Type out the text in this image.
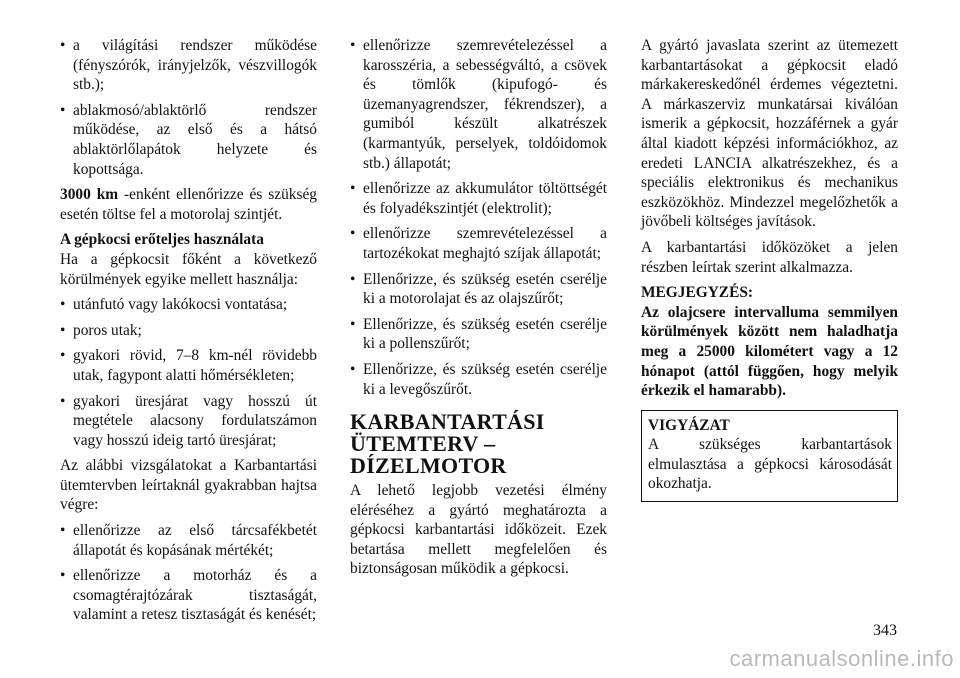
• a világítási rendszer működése (fényszórók, irányjelzők, vészvillogók stb.);
• ablakmosó/ablaktörlő rendszer működése, az első és a hátsó ablaktörlőlapátok helyzete és kopottsága.

3000 km -enként ellenőrizze és szükség esetén töltse fel a motorolaj szintjét.

A gépkocsi erőteljes használata

Ha a gépkocsit főként a következő körülmények egyike mellett használja:

• utánfutó vagy lakókocsi vontatása;
• poros utak;
• gyakori rövid, 7–8 km-nél rövidebb utak, fagypont alatti hőmérsékleten;
• gyakori üresjárat vagy hosszú út megtétele alacsony fordulatszámon vagy hosszú ideig tartó üresjárat;

Az alábbi vizsgálatokat a Karbantartási ütemtervben leírtaknál gyakrabban hajtsa végre:

• ellenőrizze az első tárcsafékbetét állapotát és kopásának mértékét;
• ellenőrizze a motorház és a csomagtérajtózárak tisztaságát, valamint a retesz tisztaságát és kenését;
• ellenőrizze szemrevételezéssel a karosszéria, a sebességváltó, a csövek és tömlők (kipufogó- és üzemanyagrendszer, fékrendszer), a gumiból készült alkatrészek (karmantyúk, perselyek, toldóidomok stb.) állapotát;
• ellenőrizze az akkumulátor töltöttségét és folyadékszintjét (elektrolit);
• ellenőrizze szemrevételezéssel a tartozékokat meghajtó szíjak állapotát;
• Ellenőrizze, és szükség esetén cserélje ki a motorolajat és az olajszűrőt;
• Ellenőrizze, és szükség esetén cserélje ki a pollenszűrőt;
• Ellenőrizze, és szükség esetén cserélje ki a levegőszűrőt.
KARBANTARTÁSI
ÜTEMTERV –
DÍZELMOTOR

A lehető legjobb vezetési élmény eléréséhez a gyártó meghatározta a gépkocsi karbantartási időközeit. Ezek betartása mellett megfelelően és biztonságosan működik a gépkocsi.

A gyártó javaslata szerint az ütemezett karbantartásokat a gépkocsit eladó márkakereskedőnél érdemes végeztetni. A márkaszerviz munkatársai kiválóan ismerik a gépkocsit, hozzáférnek a gyár által kiadott képzési információkhoz, az eredeti LANCIA alkatrészekhez, és a speciális elektronikus és mechanikus eszközökhöz. Mindezzel megelőzhetők a jövőbeli költséges javítások.

A karbantartási időközöket a jelen részben leírtak szerint alkalmazza.

MEGJEGYZÉS:

Az olajcsere intervalluma semmilyen körülmények között nem haladhatja meg a 25000 kilométert vagy a 12 hónapot (attól függően, hogy melyik érkezik el hamarabb).

VIGYÁZAT

A szükséges karbantartások elmulasztása a gépkocsi károsodását okozhatja.

343
carmanualsonline.info
